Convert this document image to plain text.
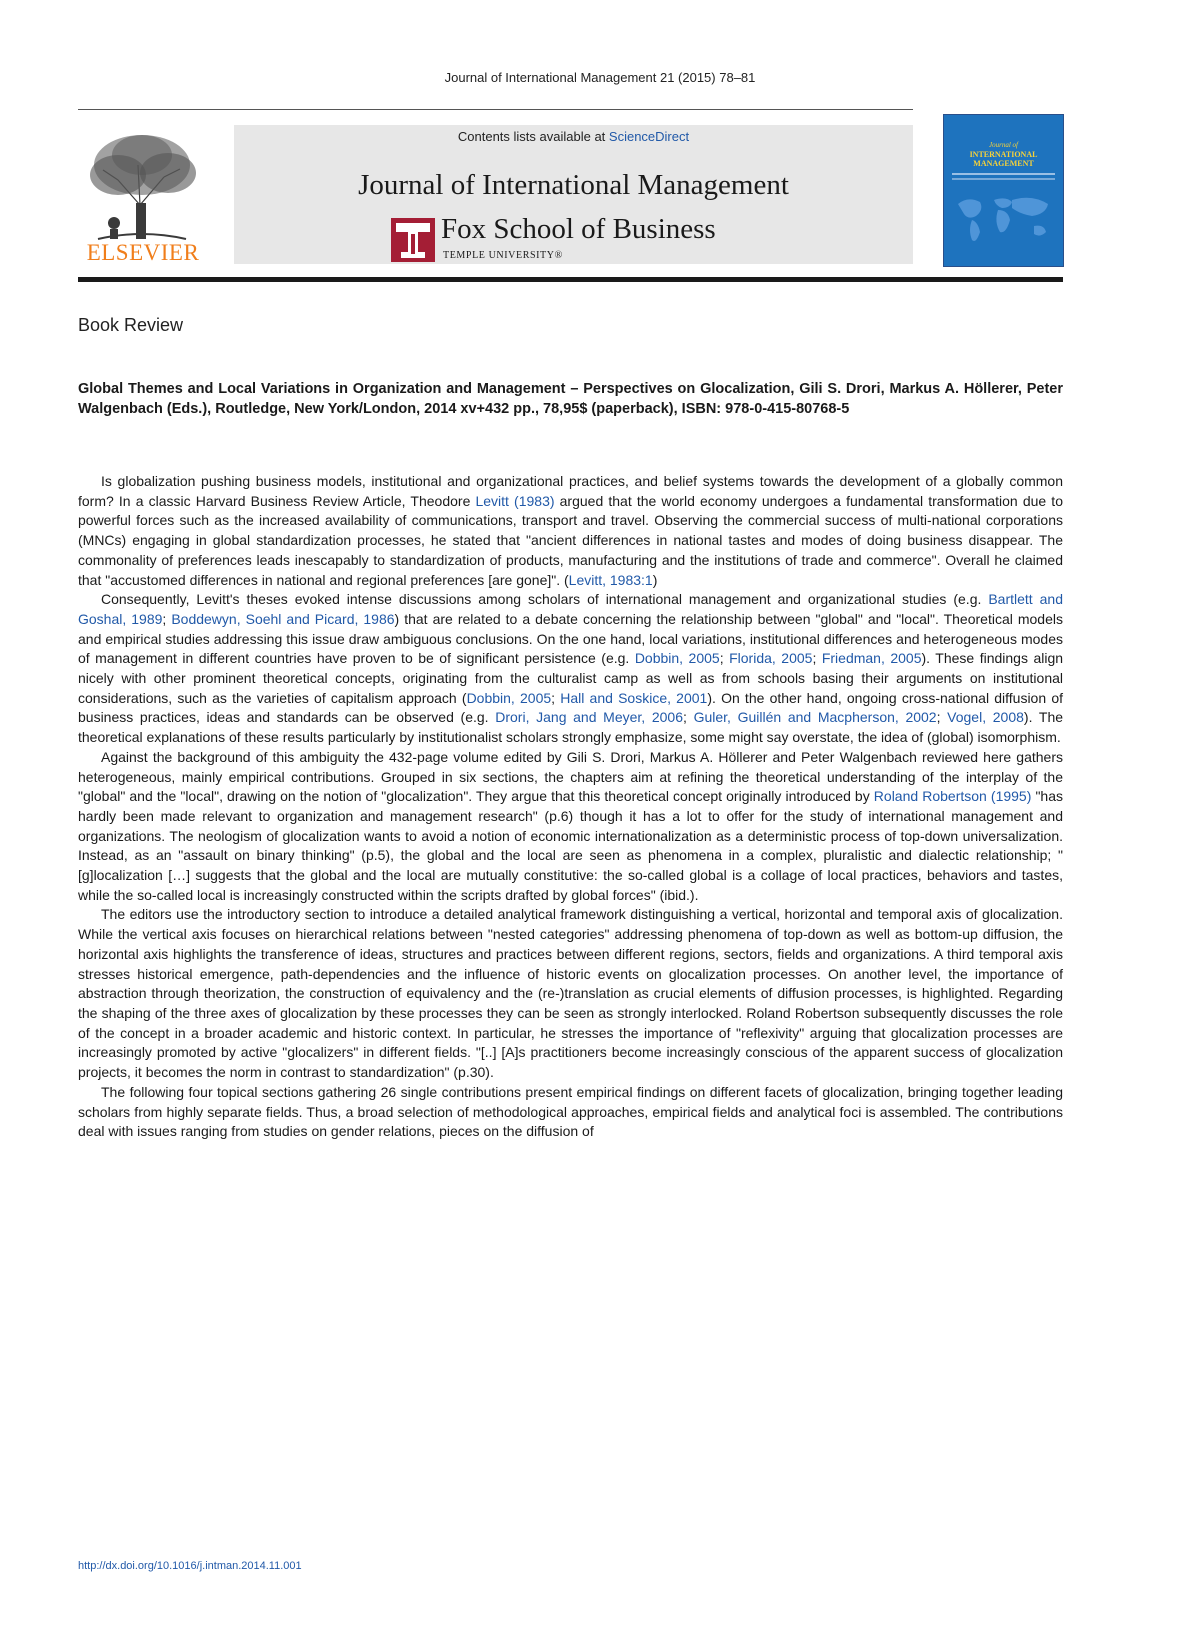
Journal of International Management 21 (2015) 78–81
ELSEVIER
Contents lists available at ScienceDirect
Journal of International Management
Fox School of Business
TEMPLE UNIVERSITY®
Journal of
INTERNATIONAL
MANAGEMENT
Book Review
Global Themes and Local Variations in Organization and Management – Perspectives on Glocalization, Gili S. Drori, Markus A. Höllerer, Peter Walgenbach (Eds.), Routledge, New York/London, 2014 xv+432 pp., 78,95$ (paperback), ISBN: 978-0-415-80768-5

Is globalization pushing business models, institutional and organizational practices, and belief systems towards the development of a globally common form? In a classic Harvard Business Review Article, Theodore Levitt (1983) argued that the world economy undergoes a fundamental transformation due to powerful forces such as the increased availability of communications, transport and travel. Observing the commercial success of multi-national corporations (MNCs) engaging in global standardization processes, he stated that "ancient differences in national tastes and modes of doing business disappear. The commonality of preferences leads inescapably to standardization of products, manufacturing and the institutions of trade and commerce". Overall he claimed that "accustomed differences in national and regional preferences [are gone]". (Levitt, 1983:1)

Consequently, Levitt's theses evoked intense discussions among scholars of international management and organizational studies (e.g. Bartlett and Goshal, 1989; Boddewyn, Soehl and Picard, 1986) that are related to a debate concerning the relationship between "global" and "local". Theoretical models and empirical studies addressing this issue draw ambiguous conclusions. On the one hand, local variations, institutional differences and heterogeneous modes of management in different countries have proven to be of significant persistence (e.g. Dobbin, 2005; Florida, 2005; Friedman, 2005). These findings align nicely with other prominent theoretical concepts, originating from the culturalist camp as well as from schools basing their arguments on institutional considerations, such as the varieties of capitalism approach (Dobbin, 2005; Hall and Soskice, 2001). On the other hand, ongoing cross-national diffusion of business practices, ideas and standards can be observed (e.g. Drori, Jang and Meyer, 2006; Guler, Guillén and Macpherson, 2002; Vogel, 2008). The theoretical explanations of these results particularly by institutionalist scholars strongly emphasize, some might say overstate, the idea of (global) isomorphism.

Against the background of this ambiguity the 432-page volume edited by Gili S. Drori, Markus A. Höllerer and Peter Walgenbach reviewed here gathers heterogeneous, mainly empirical contributions. Grouped in six sections, the chapters aim at refining the theoretical understanding of the interplay of the "global" and the "local", drawing on the notion of "glocalization". They argue that this theoretical concept originally introduced by Roland Robertson (1995) "has hardly been made relevant to organization and management research" (p.6) though it has a lot to offer for the study of international management and organizations. The neologism of glocalization wants to avoid a notion of economic internationalization as a deterministic process of top-down universalization. Instead, as an "assault on binary thinking" (p.5), the global and the local are seen as phenomena in a complex, pluralistic and dialectic relationship; "[g]localization […] suggests that the global and the local are mutually constitutive: the so-called global is a collage of local practices, behaviors and tastes, while the so-called local is increasingly constructed within the scripts drafted by global forces" (ibid.).

The editors use the introductory section to introduce a detailed analytical framework distinguishing a vertical, horizontal and temporal axis of glocalization. While the vertical axis focuses on hierarchical relations between "nested categories" addressing phenomena of top-down as well as bottom-up diffusion, the horizontal axis highlights the transference of ideas, structures and practices between different regions, sectors, fields and organizations. A third temporal axis stresses historical emergence, path-dependencies and the influence of historic events on glocalization processes. On another level, the importance of abstraction through theorization, the construction of equivalency and the (re-)translation as crucial elements of diffusion processes, is highlighted. Regarding the shaping of the three axes of glocalization by these processes they can be seen as strongly interlocked. Roland Robertson subsequently discusses the role of the concept in a broader academic and historic context. In particular, he stresses the importance of "reflexivity" arguing that glocalization processes are increasingly promoted by active "glocalizers" in different fields. "[..] [A]s practitioners become increasingly conscious of the apparent success of glocalization projects, it becomes the norm in contrast to standardization" (p.30).

The following four topical sections gathering 26 single contributions present empirical findings on different facets of glocalization, bringing together leading scholars from highly separate fields. Thus, a broad selection of methodological approaches, empirical fields and analytical foci is assembled. The contributions deal with issues ranging from studies on gender relations, pieces on the diffusion of

http://dx.doi.org/10.1016/j.intman.2014.11.001
